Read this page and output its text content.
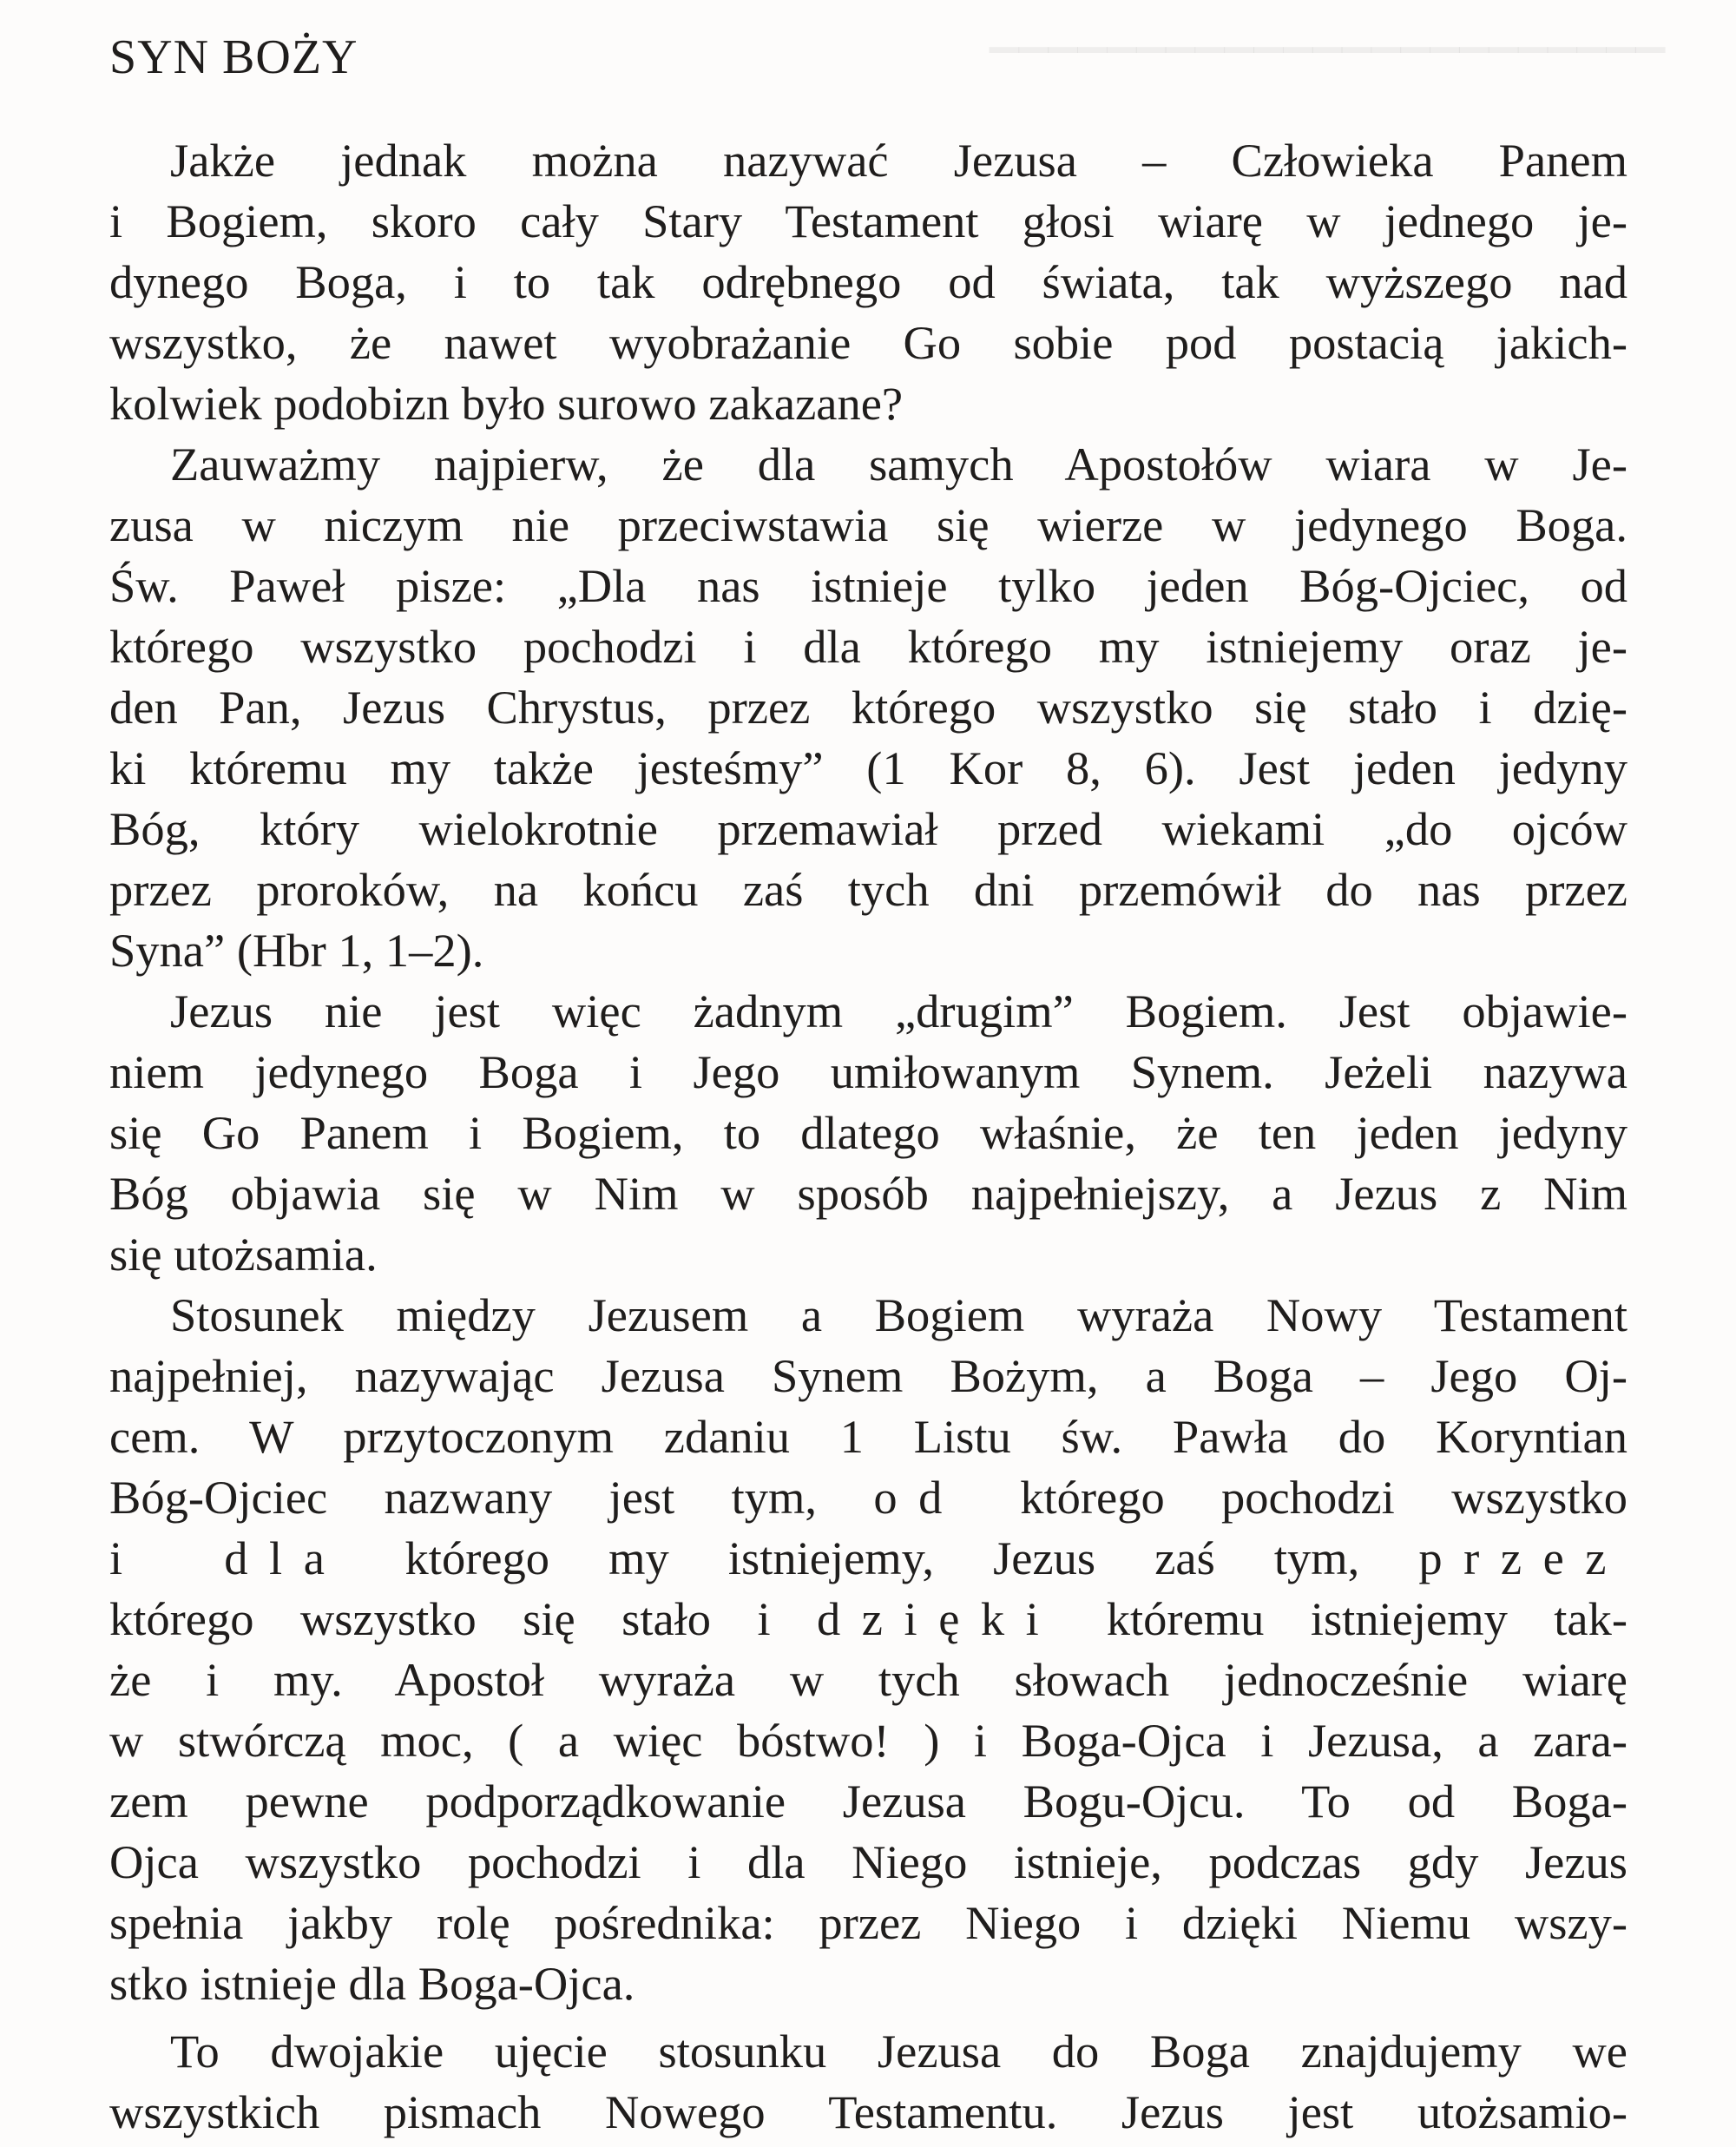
▁▁▁▁▁▁▁▁▁▁▁▁▁▁▁▁▁▁▁▁▁▁▁
SYN BOŻY
Jakże jednak można nazywać Jezusa – Człowieka Panem
i Bogiem, skoro cały Stary Testament głosi wiarę w jednego je-
dynego Boga, i to tak odrębnego od świata, tak wyższego nad
wszystko, że nawet wyobrażanie Go sobie pod postacią jakich-
kolwiek podobizn było surowo zakazane?
Zauważmy najpierw, że dla samych Apostołów wiara w Je-
zusa w niczym nie przeciwstawia się wierze w jedynego Boga.
Św. Paweł pisze: „Dla nas istnieje tylko jeden Bóg-Ojciec, od
którego wszystko pochodzi i dla którego my istniejemy oraz je-
den Pan, Jezus Chrystus, przez którego wszystko się stało i dzię-
ki któremu my także jesteśmy” (1 Kor 8, 6). Jest jeden jedyny
Bóg, który wielokrotnie przemawiał przed wiekami „do ojców
przez proroków, na końcu zaś tych dni przemówił do nas przez
Syna” (Hbr 1, 1–2).
Jezus nie jest więc żadnym „drugim” Bogiem. Jest objawie-
niem jedynego Boga i Jego umiłowanym Synem. Jeżeli nazywa
się Go Panem i Bogiem, to dlatego właśnie, że ten jeden jedyny
Bóg objawia się w Nim w sposób najpełniejszy, a Jezus z Nim
się utożsamia.
Stosunek między Jezusem a Bogiem wyraża Nowy Testament
najpełniej, nazywając Jezusa Synem Bożym, a Boga – Jego Oj-
cem. W przytoczonym zdaniu 1 Listu św. Pawła do Koryntian
Bóg-Ojciec nazwany jest tym, od którego pochodzi wszystko
i dla którego my istniejemy, Jezus zaś tym, przez
którego wszystko się stało i dzięki któremu istniejemy tak-
że i my. Apostoł wyraża w tych słowach jednocześnie wiarę
w stwórczą moc, ( a więc bóstwo! ) i Boga-Ojca i Jezusa, a zara-
zem pewne podporządkowanie Jezusa Bogu-Ojcu. To od Boga-
Ojca wszystko pochodzi i dla Niego istnieje, podczas gdy Jezus
spełnia jakby rolę pośrednika: przez Niego i dzięki Niemu wszy-
stko istnieje dla Boga-Ojca.
To dwojakie ujęcie stosunku Jezusa do Boga znajdujemy we
wszystkich pismach Nowego Testamentu. Jezus jest utożsamio-
